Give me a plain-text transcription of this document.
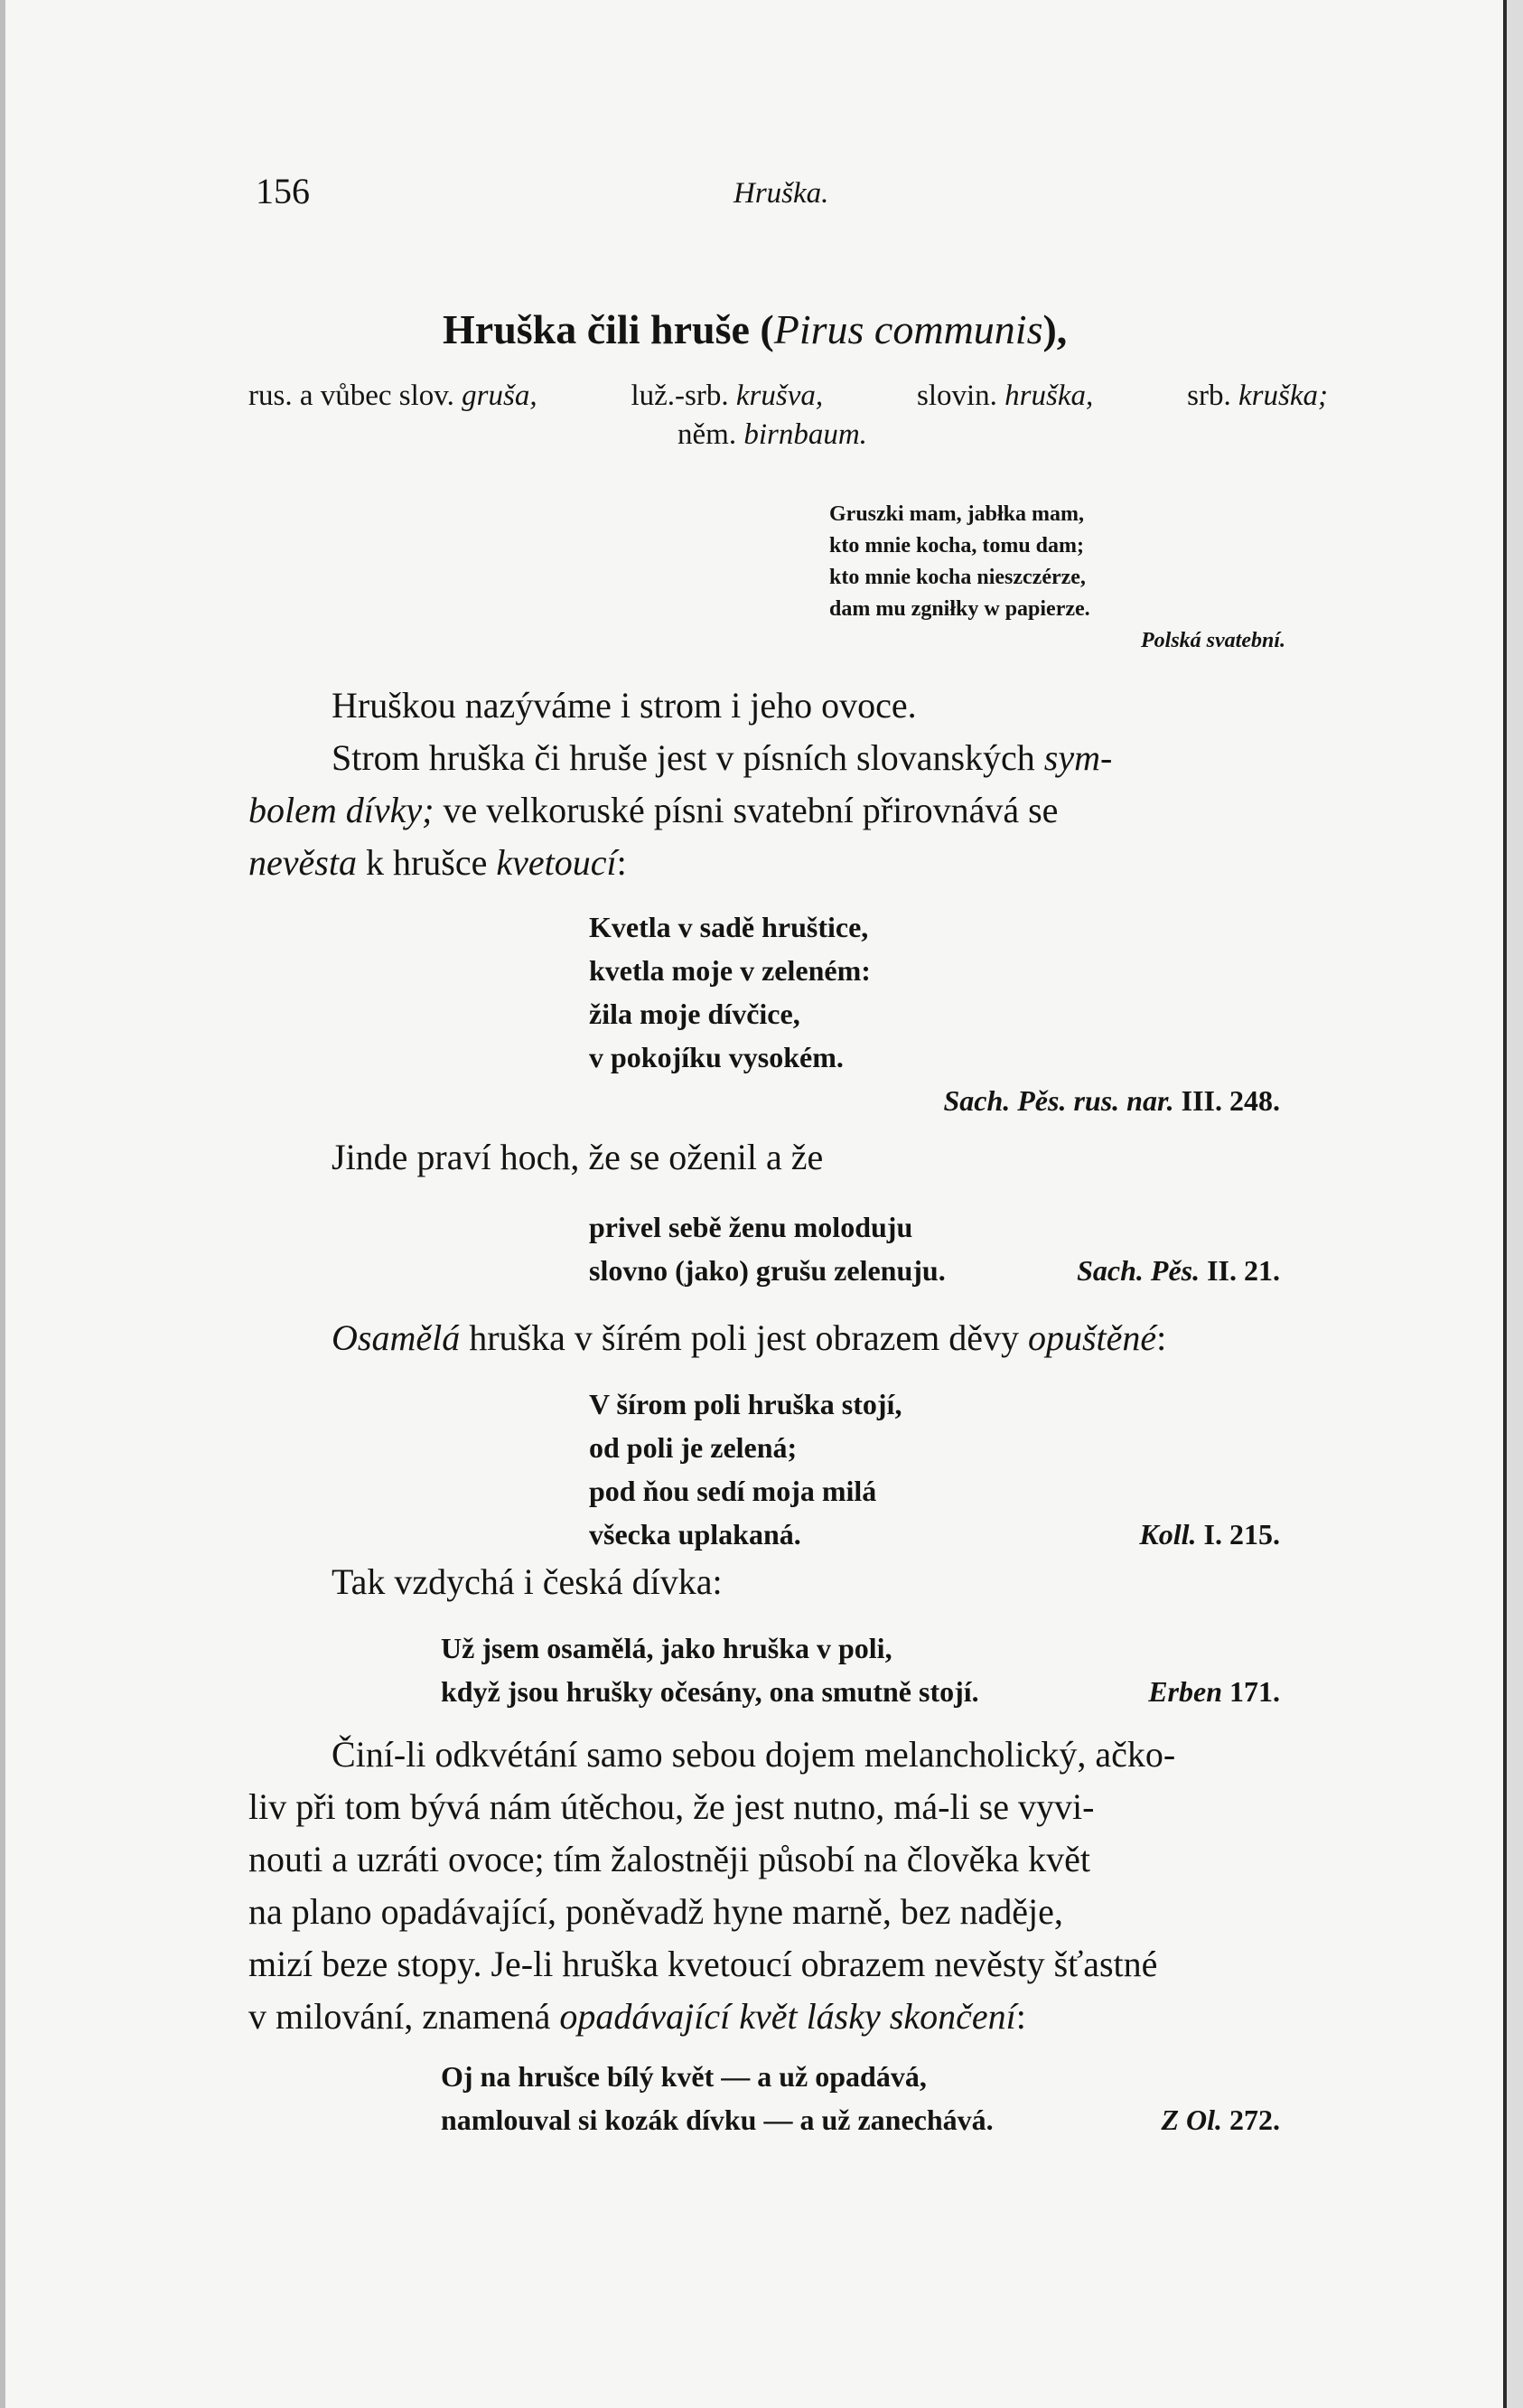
156	Hruška.
Hruška čili hruše (Pirus communis),
rus. a vůbec slov. gruša,	luž.-srb. krušva,	slovin. hruška,	srb. kruška;
něm. birnbaum.
Gruszki mam, jabłka mam,
kto mnie kocha, tomu dam;
kto mnie kocha nieszczérze,
dam mu zgniłky w papierze.
Polská svatební.
Hruškou nazýváme i strom i jeho ovoce.
Strom hruška či hruše jest v písních slovanských sym-
bolem dívky; ve velkoruské písni svatební přirovnává se
nevěsta k hrušce kvetoucí:
Kvetla v sadě hruštice,
kvetla moje v zeleném:
žila moje dívčice,
v pokojíku vysokém.
Sach. Pěs. rus. nar. III. 248.
Jinde praví hoch, že se oženil a že
privel sebě ženu moloduju
slovno (jako) grušu zelenuju.	Sach. Pěs. II. 21.
Osamělá hruška v šírém poli jest obrazem děvy opuštěné:
V šírom poli hruška stojí,
od poli je zelená;
pod ňou sedí moja milá
všecka uplakaná.	Koll. I. 215.
Tak vzdychá i česká dívka:
Už jsem osamělá, jako hruška v poli,
když jsou hrušky očesány, ona smutně stojí.	Erben 171.
Činí-li odkvétání samo sebou dojem melancholický, ačko-
liv při tom bývá nám útěchou, že jest nutno, má-li se vyvi-
nouti a uzráti ovoce; tím žalostněji působí na člověka květ
na plano opadávající, poněvadž hyne marně, bez naděje,
mizí beze stopy. Je-li hruška kvetoucí obrazem nevěsty šťastné
v milování, znamená opadávající květ lásky skončení:
Oj na hrušce bílý květ — a už opadává,
namlouval si kozák dívku — a už zanechává.	Z Ol. 272.
